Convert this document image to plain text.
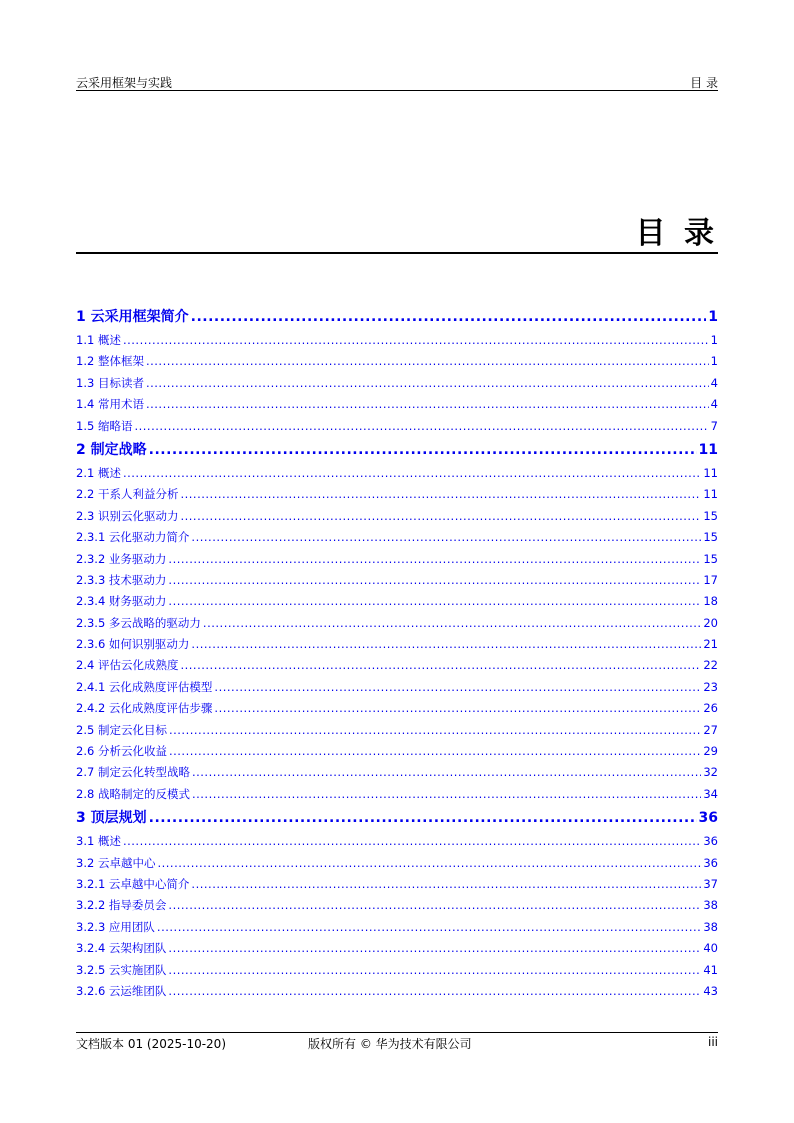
云采用框架与实践	目 录
目 录
1 云采用框架简介 .....	1
1.1 概述 .....	1
1.2 整体框架 .....	1
1.3 目标读者 .....	4
1.4 常用术语 .....	4
1.5 缩略语 .....	7
2 制定战略 .....	11
2.1 概述 .....	11
2.2 干系人利益分析 .....	11
2.3 识别云化驱动力 .....	15
2.3.1 云化驱动力简介 .....	15
2.3.2 业务驱动力 .....	15
2.3.3 技术驱动力 .....	17
2.3.4 财务驱动力 .....	18
2.3.5 多云战略的驱动力 .....	20
2.3.6 如何识别驱动力 .....	21
2.4 评估云化成熟度 .....	22
2.4.1 云化成熟度评估模型 .....	23
2.4.2 云化成熟度评估步骤 .....	26
2.5 制定云化目标 .....	27
2.6 分析云化收益 .....	29
2.7 制定云化转型战略 .....	32
2.8 战略制定的反模式 .....	34
3 顶层规划 .....	36
3.1 概述 .....	36
3.2 云卓越中心 .....	36
3.2.1 云卓越中心简介 .....	37
3.2.2 指导委员会 .....	38
3.2.3 应用团队 .....	38
3.2.4 云架构团队 .....	40
3.2.5 云实施团队 .....	41
3.2.6 云运维团队 .....	43
文档版本 01 (2025-10-20)	版权所有 © 华为技术有限公司	iii
